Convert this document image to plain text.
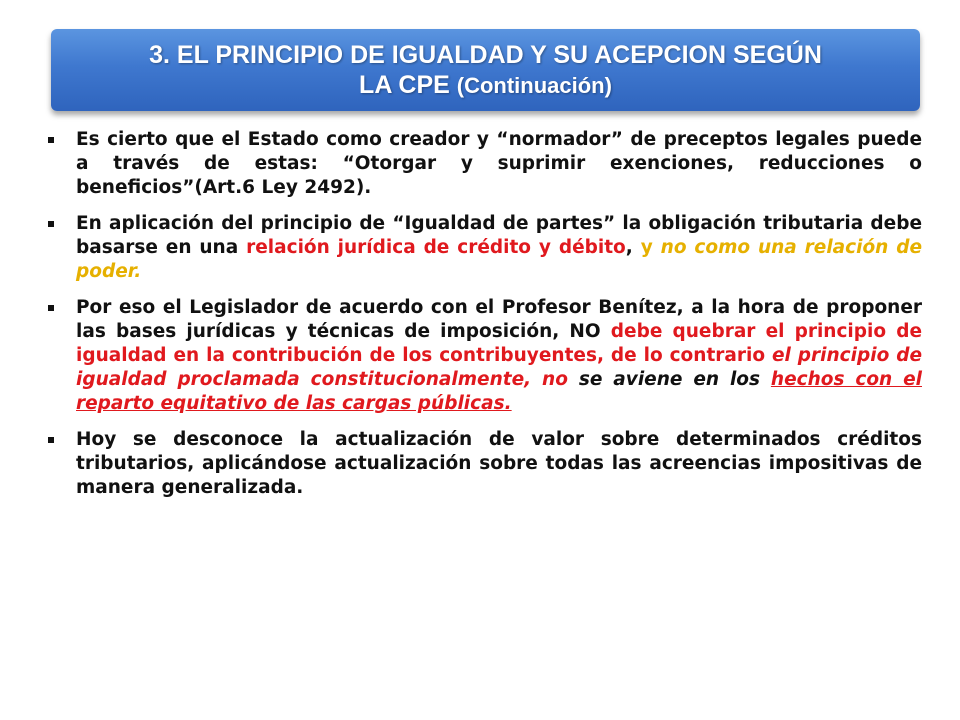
3. EL PRINCIPIO DE IGUALDAD Y SU ACEPCION SEGÚN
LA CPE (Continuación)
Es cierto que el Estado como creador y “normador” de preceptos legales puede a través de estas: “Otorgar y suprimir exenciones, reducciones o beneficios”(Art.6 Ley 2492).
En aplicación del principio de “Igualdad de partes” la obligación tributaria debe basarse en una relación jurídica de crédito y débito, y no como una relación de poder.
Por eso el Legislador de acuerdo con el Profesor Benítez, a la hora de proponer las bases jurídicas y técnicas de imposición, NO debe quebrar el principio de igualdad en la contribución de los contribuyentes, de lo contrario el principio de igualdad proclamada constitucionalmente, no se aviene en los hechos con el reparto equitativo de las cargas públicas.
Hoy se desconoce la actualización de valor sobre determinados créditos tributarios, aplicándose actualización sobre todas las acreencias impositivas de manera generalizada.
